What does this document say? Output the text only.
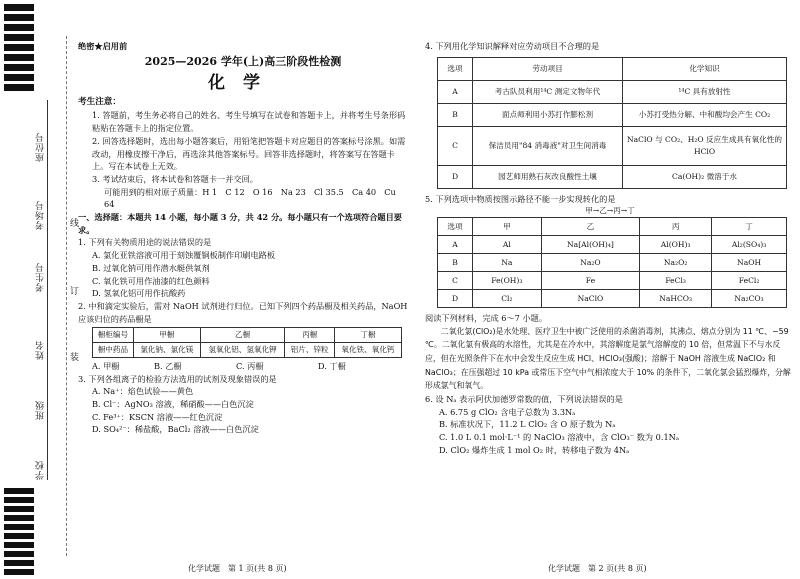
座位号
考场号
考生号
姓名
班级
学校
线
订
装

绝密★启用前

2025—2026 学年(上)高三阶段性检测

化学

考生注意：

1. 答题前，考生务必将自己的姓名、考生号填写在试卷和答题卡上，并将考生号条形码粘贴在答题卡上的指定位置。

2. 回答选择题时，选出每小题答案后，用铅笔把答题卡对应题目的答案标号涂黑。如需改动，用橡皮擦干净后，再选涂其他答案标号。回答非选择题时，将答案写在答题卡上。写在本试卷上无效。

3. 考试结束后，将本试卷和答题卡一并交回。

可能用到的相对原子质量：H 1　C 12　O 16　Na 23　Cl 35.5　Ca 40　Cu 64

一、选择题：本题共 14 小题，每小题 3 分，共 42 分。每小题只有一个选项符合题目要求。

1. 下列有关物质用途的说法错误的是

A. 氯化亚铁溶液可用于刻蚀覆铜板制作印刷电路板

B. 过氧化钠可用作潜水艇供氧剂

C. 氧化铁可用作油漆的红色颜料

D. 氢氧化铝可用作抗酸药

2. 中和滴定实验后，需对 NaOH 试剂进行归位。已知下列四个药品橱及相关药品，NaOH 应该归位的药品橱是

橱柜编号	甲橱	乙橱	丙橱	丁橱
橱中药品	氯化钠、氯化镁	氢氧化铝、氢氧化钾	铝片、锌粒	氧化铁、氧化钙
A. 甲橱	B. 乙橱	C. 丙橱	D. 丁橱

3. 下列各组离子的检验方法选用的试剂及现象错误的是

A. Na⁺：焰色试验——黄色

B. Cl⁻：AgNO₃ 溶液，稀硝酸——白色沉淀

C. Fe³⁺：KSCN 溶液——红色沉淀

D. SO₄²⁻：稀盐酸，BaCl₂ 溶液——白色沉淀

化学试题　第 1 页(共 8 页)

4. 下列用化学知识解释对应劳动项目不合理的是

选项	劳动项目	化学知识
A	考古队员利用¹⁴C 测定文物年代	¹⁴C 具有放射性
B	面点师利用小苏打作膨松剂	小苏打受热分解、中和酸均会产生 CO₂
C	保洁员用"84 消毒液"对卫生间消毒	NaClO 与 CO₂、H₂O 反应生成具有氧化性的 HClO
D	园艺师用熟石灰改良酸性土壤	Ca(OH)₂ 微溶于水

5. 下列选项中物质按图示路径不能一步实现转化的是

甲→乙→丙→丁

选项	甲	乙	丙	丁
A	Al	Na[Al(OH)₄]	Al(OH)₃	Al₂(SO₄)₃
B	Na	Na₂O	Na₂O₂	NaOH
C	Fe(OH)₃	Fe	FeCl₃	FeCl₂
D	Cl₂	NaClO	NaHCO₃	Na₂CO₃

阅读下列材料，完成 6～7 小题。

二氧化氯(ClO₂)是水处理、医疗卫生中被广泛使用的杀菌消毒剂，其沸点、熔点分别为 11 ℃、−59 ℃。二氧化氯有极高的水溶性，尤其是在冷水中，其溶解度是氯气溶解度的 10 倍，但常温下不与水反应，但在光照条件下在水中会发生反应生成 HCl、HClO₃(强酸)；溶解于 NaOH 溶液生成 NaClO₂ 和 NaClO₃；在压强超过 10 kPa 或常压下空气中气相浓度大于 10% 的条件下，二氧化氯会猛烈爆炸，分解形成氯气和氧气。

6. 设 Nₐ 表示阿伏加德罗常数的值，下列说法错误的是

A. 6.75 g ClO₂ 含电子总数为 3.3Nₐ

B. 标准状况下，11.2 L ClO₂ 含 O 原子数为 Nₐ

C. 1.0 L 0.1 mol·L⁻¹ 的 NaClO₃ 溶液中，含 ClO₃⁻ 数为 0.1Nₐ

D. ClO₂ 爆炸生成 1 mol O₂ 时，转移电子数为 4Nₐ

化学试题　第 2 页(共 8 页)
